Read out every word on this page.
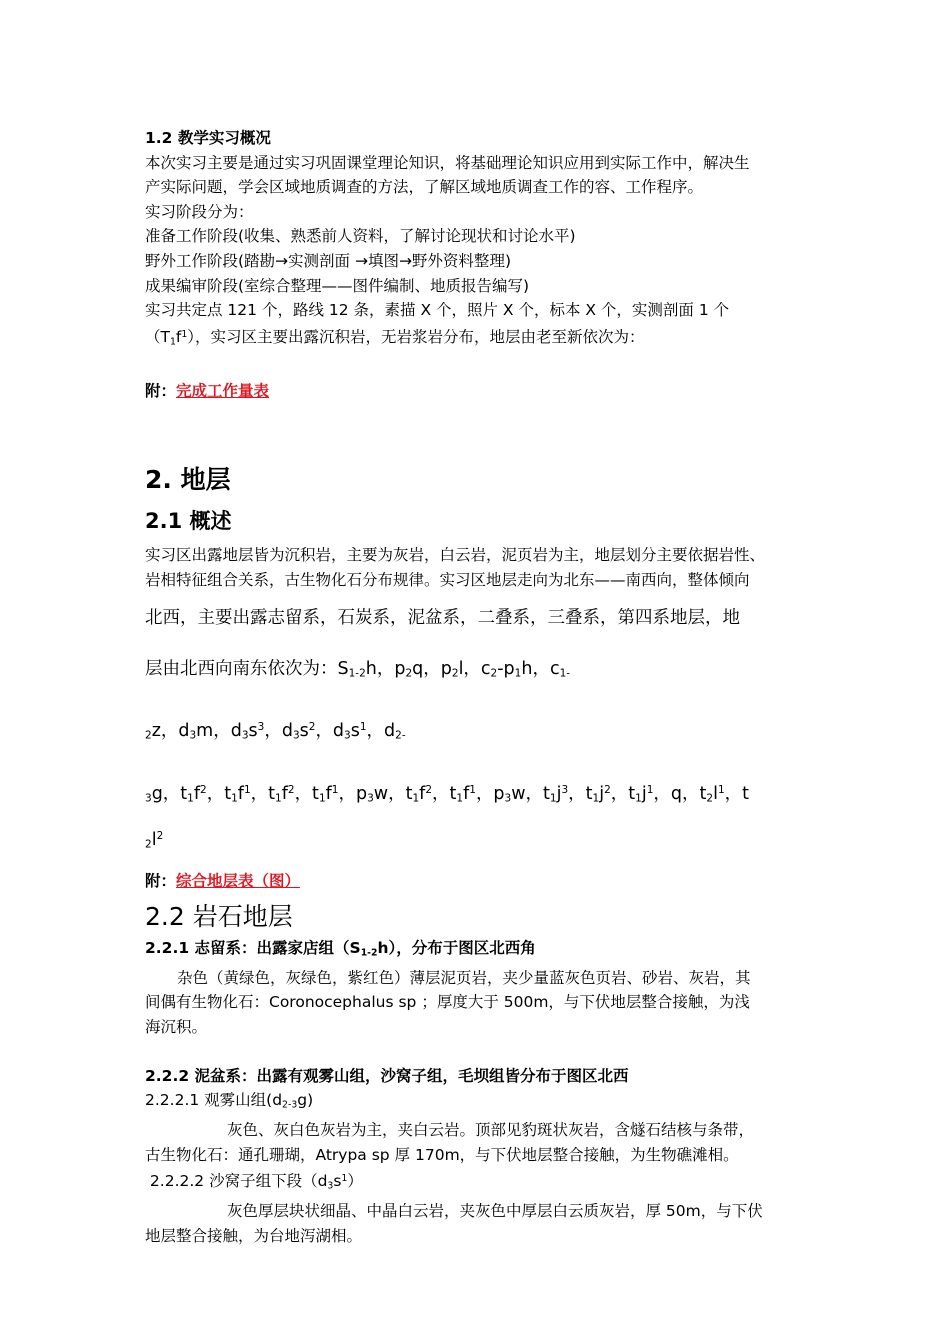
1.2 教学实习概况

本次实习主要是通过实习巩固课堂理论知识，将基础理论知识应用到实际工作中，解决生

产实际问题，学会区域地质调查的方法，了解区域地质调查工作的容、工作程序。

实习阶段分为：

准备工作阶段(收集、熟悉前人资料，了解讨论现状和讨论水平)

野外工作阶段(踏勘→实测剖面 →填图→野外资料整理)

成果编审阶段(室综合整理——图件编制、地质报告编写)

实习共定点 121 个，路线 12 条，素描 X 个，照片 X 个，标本 X 个，实测剖面 1 个

$(T_1f^1)$，实习区主要出露沉积岩，无岩浆岩分布，地层由老至新依次为：

附：完成工作量表

2. 地层
2.1 概述

实习区出露地层皆为沉积岩，主要为灰岩，白云岩，泥页岩为主，地层划分主要依据岩性、

岩相特征组合关系，古生物化石分布规律。实习区地层走向为北东——南西向，整体倾向

北西，主要出露志留系，石炭系，泥盆系，二叠系，三叠系，第四系地层，地

层由北西向南东依次为：$S_{1-2}h$，$p_2q$，$p_2l$，$c_2-p_1h$，$c_{1-}$

$_2$z，$d_3m$，$d_3s^3$，$d_3s^2$，$d_3s^1$，$d_{2-}$

$_3$g，$t_1f^2$，$t_1f^1$，$t_1f^2$，$t_1f^1$，$p_3w$，$t_1f^2$，$t_1f^1$，$p_3w$，$t_1j^3$，$t_1j^2$，$t_1j^1$，q，$t_2l^1$，t

$_2l^2$

附：综合地层表（图）

2.2 岩石地层

2.2.1 志留系：出露家店组$(S_{1-2}h)$，分布于图区北西角

杂色（黄绿色，灰绿色，紫红色）薄层泥页岩，夹少量蓝灰色页岩、砂岩、灰岩，其

间偶有生物化石：Coronocephalus sp ；厚度大于 500m，与下伏地层整合接触，为浅

海沉积。

2.2.2 泥盆系：出露有观雾山组，沙窝子组，毛坝组皆分布于图区北西

2.2.2.1 观雾山组$(d_{2-3}g)$

灰色、灰白色灰岩为主，夹白云岩。顶部见豹斑状灰岩，含燧石结核与条带，

古生物化石：通孔珊瑚，Atrypa sp 厚 170m，与下伏地层整合接触，为生物礁滩相。

2.2.2.2 沙窝子组下段$(d_3s^1)$

灰色厚层块状细晶、中晶白云岩，夹灰色中厚层白云质灰岩，厚 50m，与下伏

地层整合接触，为台地泻湖相。
